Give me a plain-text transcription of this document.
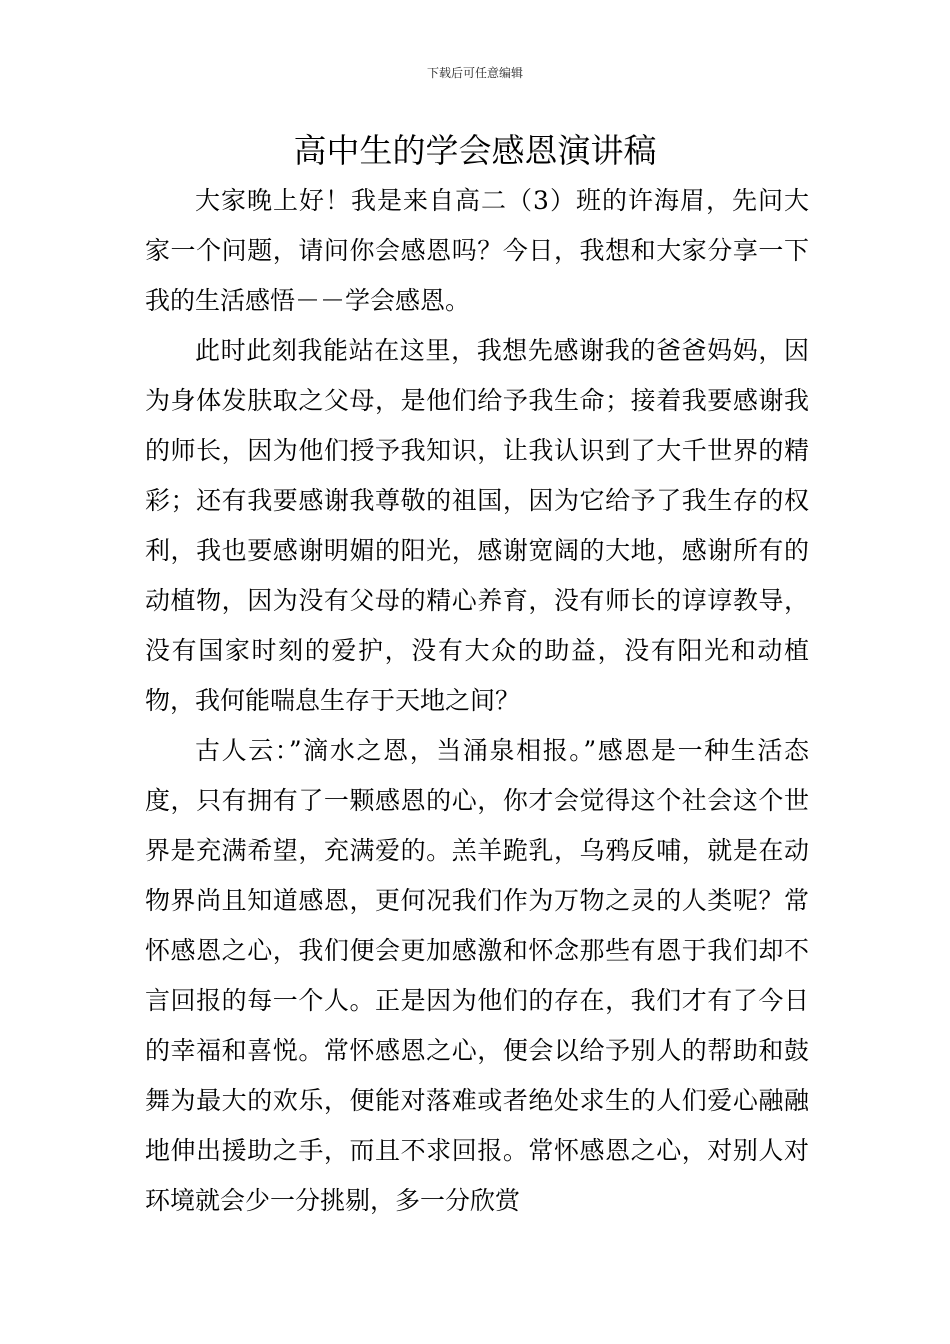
下载后可任意编辑
高中生的学会感恩演讲稿

大家晚上好！我是来自高二（3）班的许海眉，先问大家一个问题，请问你会感恩吗？今日，我想和大家分享一下我的生活感悟－－学会感恩。

此时此刻我能站在这里，我想先感谢我的爸爸妈妈，因为身体发肤取之父母，是他们给予我生命；接着我要感谢我的师长，因为他们授予我知识，让我认识到了大千世界的精彩；还有我要感谢我尊敬的祖国，因为它给予了我生存的权利，我也要感谢明媚的阳光，感谢宽阔的大地，感谢所有的动植物，因为没有父母的精心养育，没有师长的谆谆教导，没有国家时刻的爱护，没有大众的助益，没有阳光和动植物，我何能喘息生存于天地之间？

古人云：”滴水之恩，当涌泉相报。”感恩是一种生活态度，只有拥有了一颗感恩的心，你才会觉得这个社会这个世界是充满希望，充满爱的。羔羊跪乳，乌鸦反哺，就是在动物界尚且知道感恩，更何况我们作为万物之灵的人类呢？常怀感恩之心，我们便会更加感激和怀念那些有恩于我们却不言回报的每一个人。正是因为他们的存在，我们才有了今日的幸福和喜悦。常怀感恩之心，便会以给予别人的帮助和鼓舞为最大的欢乐，便能对落难或者绝处求生的人们爱心融融地伸出援助之手，而且不求回报。常怀感恩之心，对别人对环境就会少一分挑剔，多一分欣赏
